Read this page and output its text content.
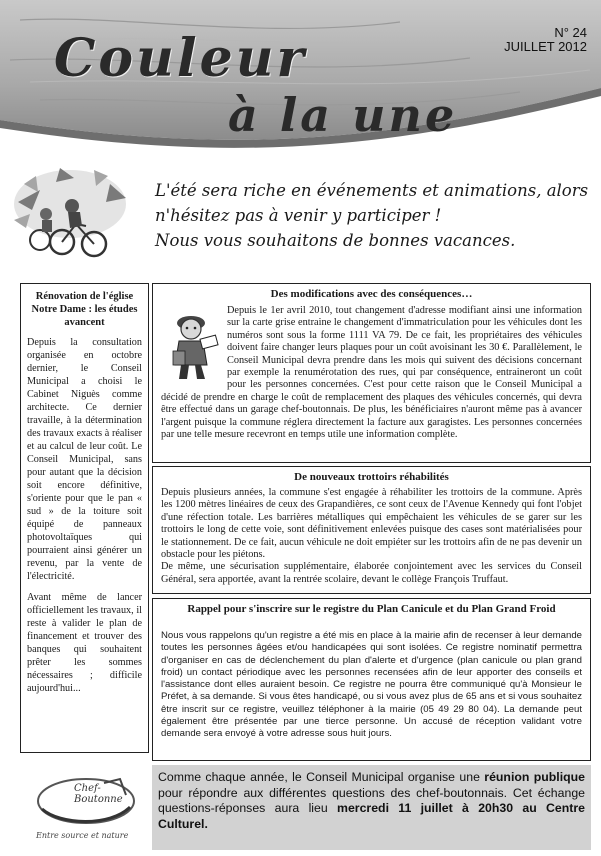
N° 24
JUILLET 2012
Couleur
à la une
L'été sera riche en événements et animations, alors
n'hésitez pas à venir y participer !
Nous vous souhaitons de bonnes vacances.
Rénovation de l'église Notre Dame : les études avancent

Depuis la consultation organisée en octobre dernier, le Conseil Municipal a choisi le Cabinet Niguès comme architecte. Ce dernier travaille, à la détermination des travaux exacts à réaliser et au calcul de leur coût. Le Conseil Municipal, sans pour autant que la décision soit encore définitive, s'oriente pour que le pan « sud » de la toiture soit équipé de panneaux photovoltaïques qui pourraient ainsi générer un revenu, par la vente de l'électricité.

Avant même de lancer officiellement les travaux, il reste à valider le plan de financement et trouver des banques qui souhaitent prêter les sommes nécessaires ; difficile aujourd'hui...

Des modifications avec des conséquences…

Depuis le 1er avril 2010, tout changement d'adresse modifiant ainsi une information sur la carte grise entraine le changement d'immatriculation pour les véhicules dont les numéros sont sous la forme 1111 VA 79. De ce fait, les propriétaires des véhicules doivent faire changer leurs plaques pour un coût avoisinant les 30 €. Parallèlement, le Conseil Municipal devra prendre dans les mois qui suivent des décisions concernant par exemple la renumérotation des rues, qui par conséquence, entraineront un coût pour les personnes concernées. C'est pour cette raison que le Conseil Municipal a décidé de prendre en charge le coût de remplacement des plaques des véhicules concernés, qui devra être effectué dans un garage chef-boutonnais. De plus, les bénéficiaires n'auront même pas à avancer l'argent puisque la commune réglera directement la facture aux garagistes. Les personnes concernées par une telle mesure recevront en temps utile une information complète.

De nouveaux trottoirs réhabilités

Depuis plusieurs années, la commune s'est engagée à réhabiliter les trottoirs de la commune. Après les 1200 mètres linéaires de ceux des Grapandières, ce sont ceux de l'Avenue Kennedy qui font l'objet d'une réfection totale. Les barrières métalliques qui empêchaient les véhicules de se garer sur les trottoirs le long de cette voie, sont définitivement enlevées puisque des cases sont matérialisées pour le stationnement. De ce fait, aucun véhicule ne doit empiéter sur les trottoirs afin de ne pas devenir un obstacle pour les piétons.

De même, une sécurisation supplémentaire, élaborée conjointement avec les services du Conseil Général, sera apportée, avant la rentrée scolaire, devant le collège François Truffaut.

Rappel pour s'inscrire sur le registre du Plan Canicule et du Plan Grand Froid

Nous vous rappelons qu'un registre a été mis en place à la mairie afin de recenser à leur demande toutes les personnes âgées et/ou handicapées qui sont isolées. Ce registre nominatif permettra d'organiser en cas de déclenchement du plan d'alerte et d'urgence (plan canicule ou plan grand froid) un contact périodique avec les personnes recensées afin de leur apporter des conseils et l'assistance dont elles auraient besoin. Ce registre ne pourra être communiqué qu'à Monsieur le Préfet, à sa demande. Si vous êtes handicapé, ou si vous avez plus de 65 ans et si vous souhaitez être inscrit sur ce registre, veuillez téléphoner à la mairie (05 49 29 80 04). La demande peut également être présentée par une tierce personne. Un accusé de réception validant votre demande sera envoyé à votre adresse sous huit jours.

Chef-Boutonne
Entre source et nature
Comme chaque année, le Conseil Municipal organise une réunion publique pour répondre aux différentes questions des chef-boutonnais. Cet échange questions-réponses aura lieu mercredi 11 juillet à 20h30 au Centre Culturel.
